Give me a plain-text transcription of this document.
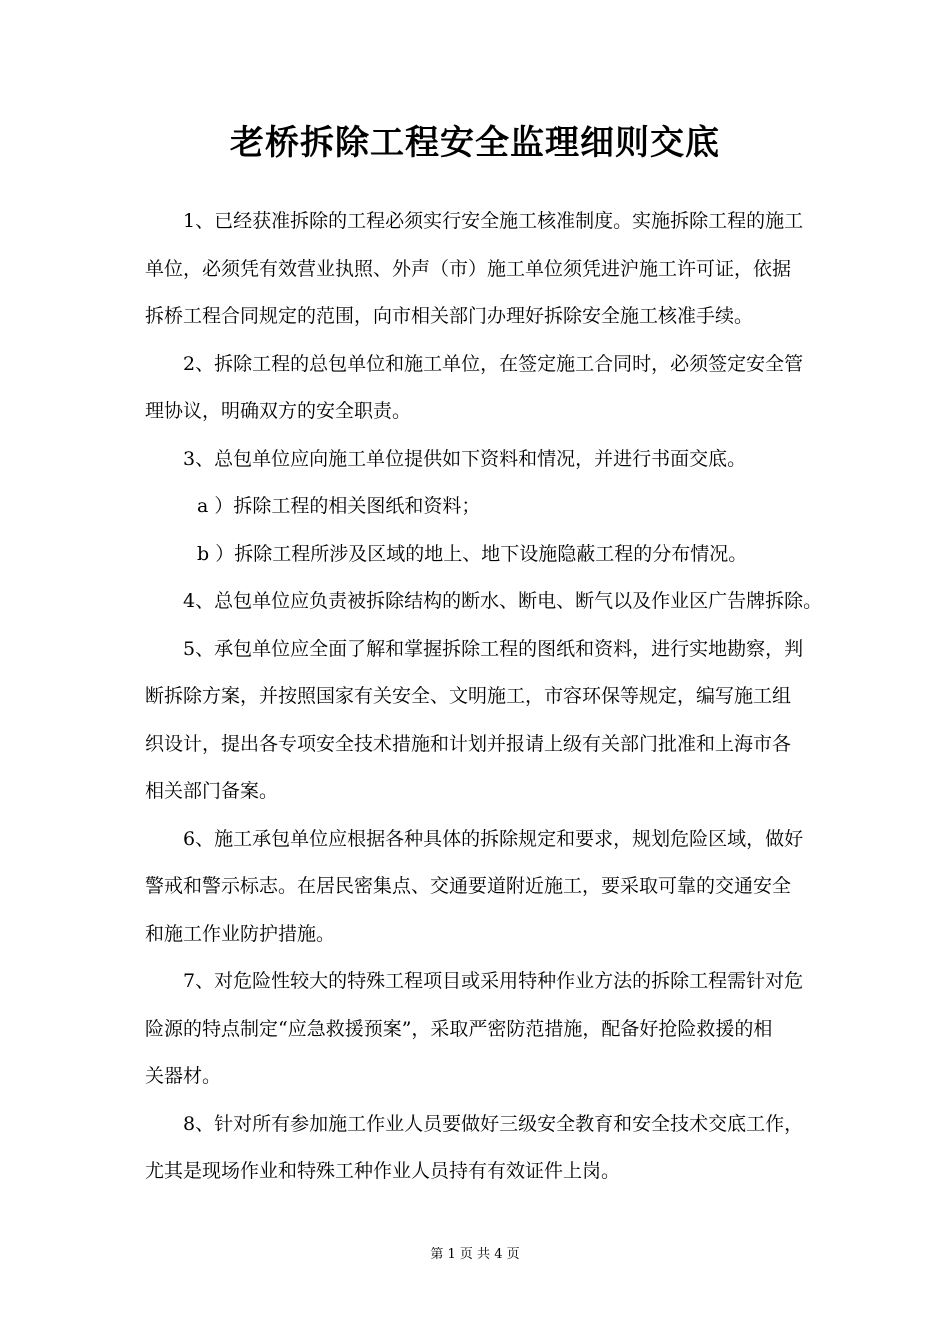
老桥拆除工程安全监理细则交底

1、已经获准拆除的工程必须实行安全施工核准制度。实施拆除工程的施工

单位，必须凭有效营业执照、外声（市）施工单位须凭进沪施工许可证，依据

拆桥工程合同规定的范围，向市相关部门办理好拆除安全施工核准手续。

2、拆除工程的总包单位和施工单位，在签定施工合同时，必须签定安全管

理协议，明确双方的安全职责。

3、总包单位应向施工单位提供如下资料和情况，并进行书面交底。

a ）拆除工程的相关图纸和资料；

b ）拆除工程所涉及区域的地上、地下设施隐蔽工程的分布情况。

4、总包单位应负责被拆除结构的断水、断电、断气以及作业区广告牌拆除。

5、承包单位应全面了解和掌握拆除工程的图纸和资料，进行实地勘察，判

断拆除方案，并按照国家有关安全、文明施工，市容环保等规定，编写施工组

织设计，提出各专项安全技术措施和计划并报请上级有关部门批准和上海市各

相关部门备案。

6、施工承包单位应根据各种具体的拆除规定和要求，规划危险区域，做好

警戒和警示标志。在居民密集点、交通要道附近施工，要采取可靠的交通安全

和施工作业防护措施。

7、对危险性较大的特殊工程项目或采用特种作业方法的拆除工程需针对危

险源的特点制定“应急救援预案”，采取严密防范措施，配备好抢险救援的相

关器材。

8、针对所有参加施工作业人员要做好三级安全教育和安全技术交底工作，

尤其是现场作业和特殊工种作业人员持有有效证件上岗。

第 1 页 共 4 页
